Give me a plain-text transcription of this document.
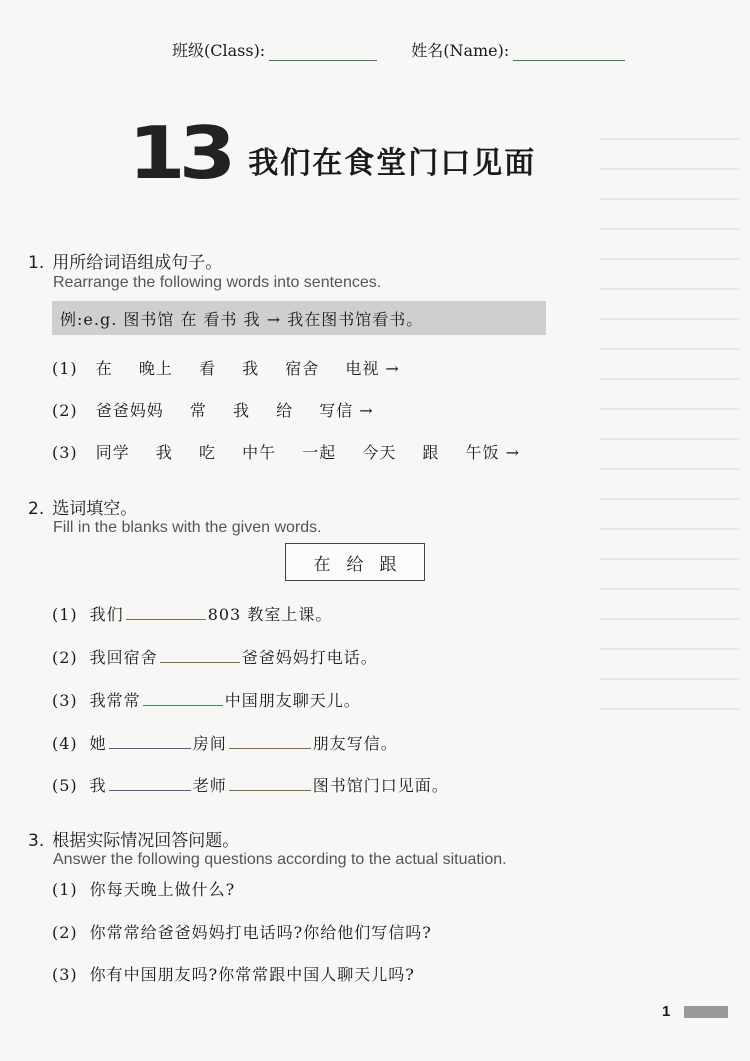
班级(Class):	姓名(Name):
13 我们在食堂门口见面
1. 用所给词语组成句子。
Rearrange the following words into sentences.
例:e.g. 图书馆 在 看书 我 → 我在图书馆看书。
(1) 在 晚上 看 我 宿舍 电视 →
(2) 爸爸妈妈 常 我 给 写信 →
(3) 同学 我 吃 中午 一起 今天 跟 午饭 →
2. 选词填空。
Fill in the blanks with the given words.
在 给 跟
(1) 我们	803 教室上课。
(2) 我回宿舍	爸爸妈妈打电话。
(3) 我常常	中国朋友聊天儿。
(4) 她	房间	朋友写信。
(5) 我	老师	图书馆门口见面。
3. 根据实际情况回答问题。
Answer the following questions according to the actual situation.
(1) 你每天晚上做什么?
(2) 你常常给爸爸妈妈打电话吗?你给他们写信吗?
(3) 你有中国朋友吗?你常常跟中国人聊天儿吗?
1
